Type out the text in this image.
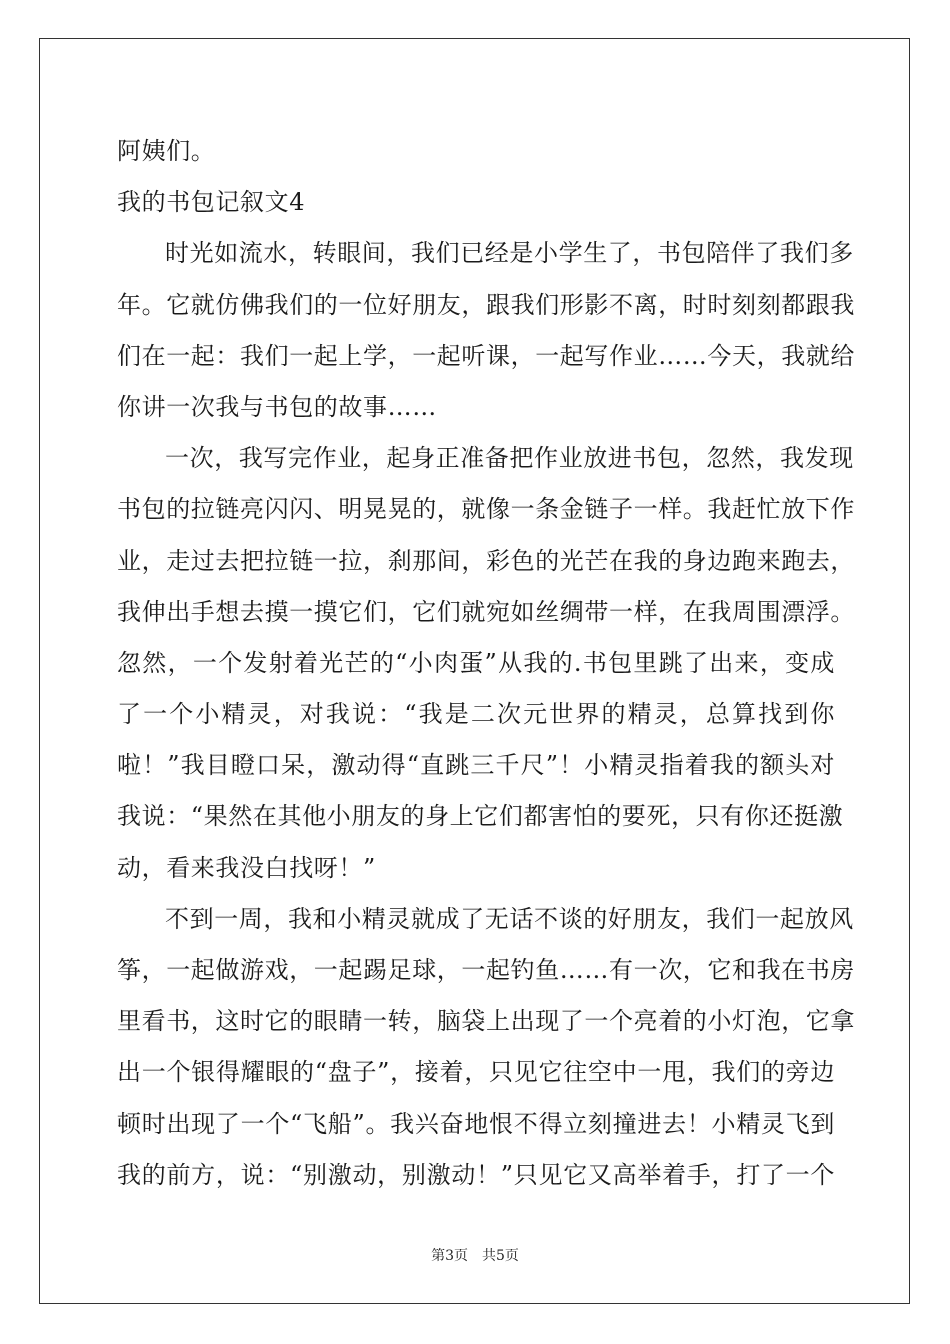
阿姨们。
我的书包记叙文4
时光如流水，转眼间，我们已经是小学生了，书包陪伴了我们多
年。它就仿佛我们的一位好朋友，跟我们形影不离，时时刻刻都跟我
们在一起：我们一起上学，一起听课，一起写作业……今天，我就给
你讲一次我与书包的故事……
一次，我写完作业，起身正准备把作业放进书包，忽然，我发现
书包的拉链亮闪闪、明晃晃的，就像一条金链子一样。我赶忙放下作
业，走过去把拉链一拉，刹那间，彩色的光芒在我的身边跑来跑去，
我伸出手想去摸一摸它们，它们就宛如丝绸带一样，在我周围漂浮。
忽然，一个发射着光芒的“小肉蛋”从我的.书包里跳了出来，变成
了一个小精灵，对我说：“我是二次元世界的精灵，总算找到你
啦！”我目瞪口呆，激动得“直跳三千尺”！小精灵指着我的额头对
我说：“果然在其他小朋友的身上它们都害怕的要死，只有你还挺激
动，看来我没白找呀！”
不到一周，我和小精灵就成了无话不谈的好朋友，我们一起放风
筝，一起做游戏，一起踢足球，一起钓鱼……有一次，它和我在书房
里看书，这时它的眼睛一转，脑袋上出现了一个亮着的小灯泡，它拿
出一个银得耀眼的“盘子”，接着，只见它往空中一甩，我们的旁边
顿时出现了一个“飞船”。我兴奋地恨不得立刻撞进去！小精灵飞到
我的前方，说：“别激动，别激动！”只见它又高举着手，打了一个
第3页 共5页
